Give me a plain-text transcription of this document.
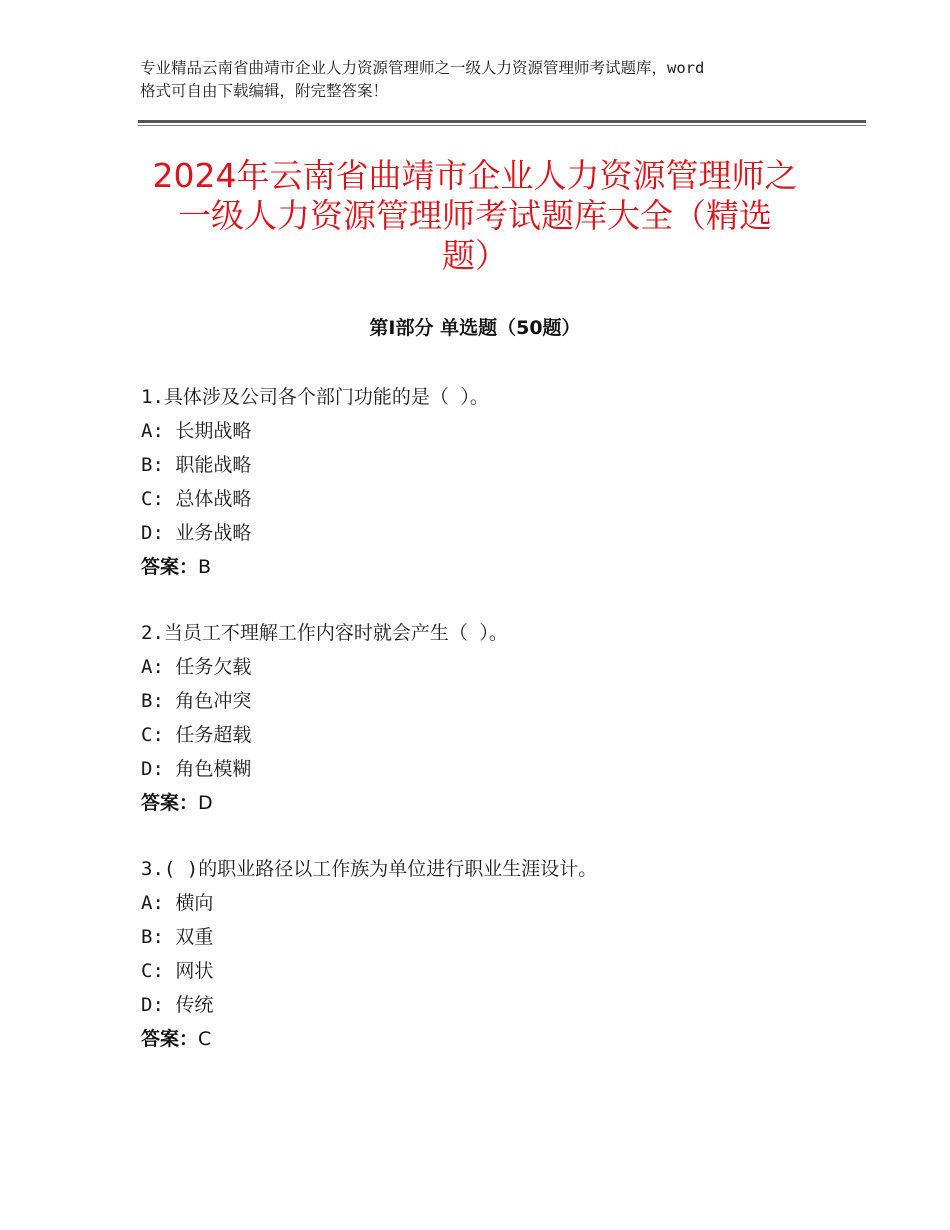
专业精品云南省曲靖市企业人力资源管理师之一级人力资源管理师考试题库，word
格式可自由下载编辑，附完整答案！
2024年云南省曲靖市企业人力资源管理师之
一级人力资源管理师考试题库大全（精选
题）
第Ⅰ部分 单选题（50题）
1.具体涉及公司各个部门功能的是（ ）。
A: 长期战略
B: 职能战略
C: 总体战略
D: 业务战略
答案：B
2.当员工不理解工作内容时就会产生（ ）。
A: 任务欠载
B: 角色冲突
C: 任务超载
D: 角色模糊
答案：D
3.( )的职业路径以工作族为单位进行职业生涯设计。
A: 横向
B: 双重
C: 网状
D: 传统
答案：C
